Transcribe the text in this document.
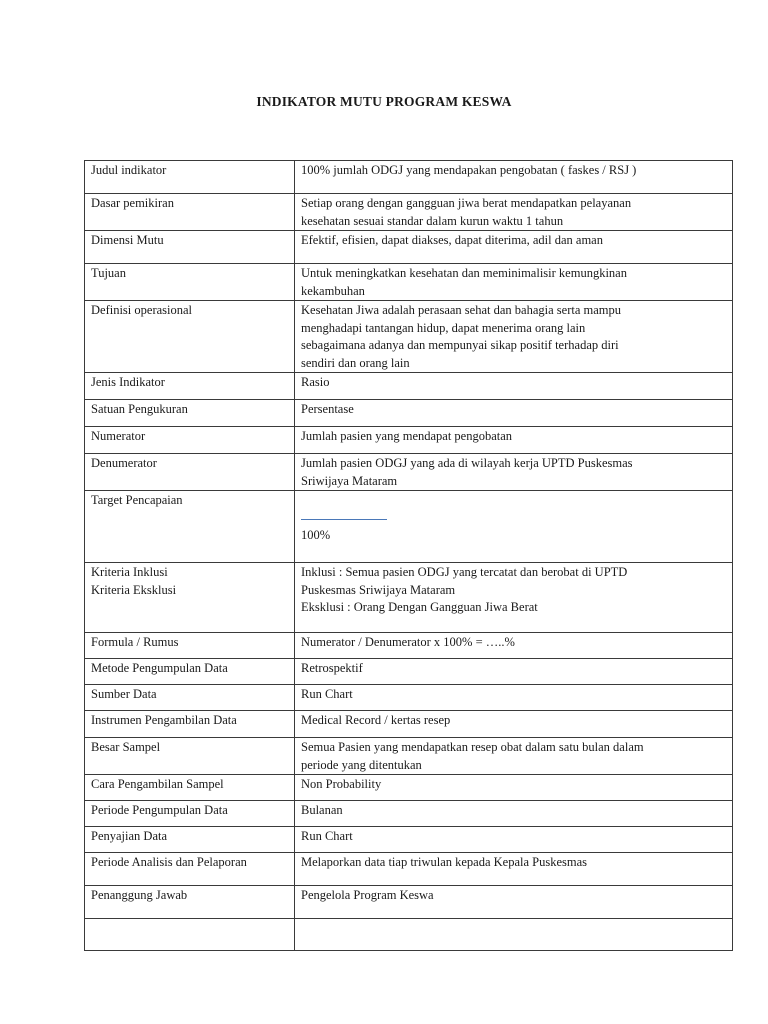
INDIKATOR MUTU PROGRAM KESWA
Judul indikator	100% jumlah ODGJ yang mendapakan pengobatan ( faskes / RSJ )
Dasar pemikiran	Setiap orang dengan gangguan jiwa berat mendapatkan pelayanan
kesehatan sesuai standar dalam kurun waktu 1 tahun
Dimensi Mutu	Efektif, efisien, dapat diakses, dapat diterima, adil dan aman
Tujuan	Untuk meningkatkan kesehatan dan meminimalisir kemungkinan
kekambuhan
Definisi operasional	Kesehatan Jiwa adalah perasaan sehat dan bahagia serta mampu
menghadapi tantangan hidup, dapat menerima orang lain
sebagaimana adanya dan mempunyai sikap positif terhadap diri
sendiri dan orang lain
Jenis Indikator	Rasio
Satuan Pengukuran	Persentase
Numerator	Jumlah pasien yang mendapat pengobatan
Denumerator	Jumlah pasien ODGJ yang ada di wilayah kerja UPTD Puskesmas
Sriwijaya Mataram
Target Pencapaian	100%

Kriteria Inklusi
Kriteria Eksklusi	Inklusi : Semua pasien ODGJ yang tercatat dan berobat di UPTD
Puskesmas Sriwijaya Mataram
Eksklusi : Orang Dengan Gangguan Jiwa Berat
Formula / Rumus	Numerator / Denumerator x 100% = …..%
Metode Pengumpulan Data	Retrospektif
Sumber Data	Run Chart
Instrumen Pengambilan Data	Medical Record / kertas resep
Besar Sampel	Semua Pasien yang mendapatkan resep obat dalam satu bulan dalam
periode yang ditentukan
Cara Pengambilan Sampel	Non Probability
Periode Pengumpulan Data	Bulanan
Penyajian Data	Run Chart
Periode Analisis dan Pelaporan	Melaporkan data tiap triwulan kepada Kepala Puskesmas
Penanggung Jawab	Pengelola Program Keswa
